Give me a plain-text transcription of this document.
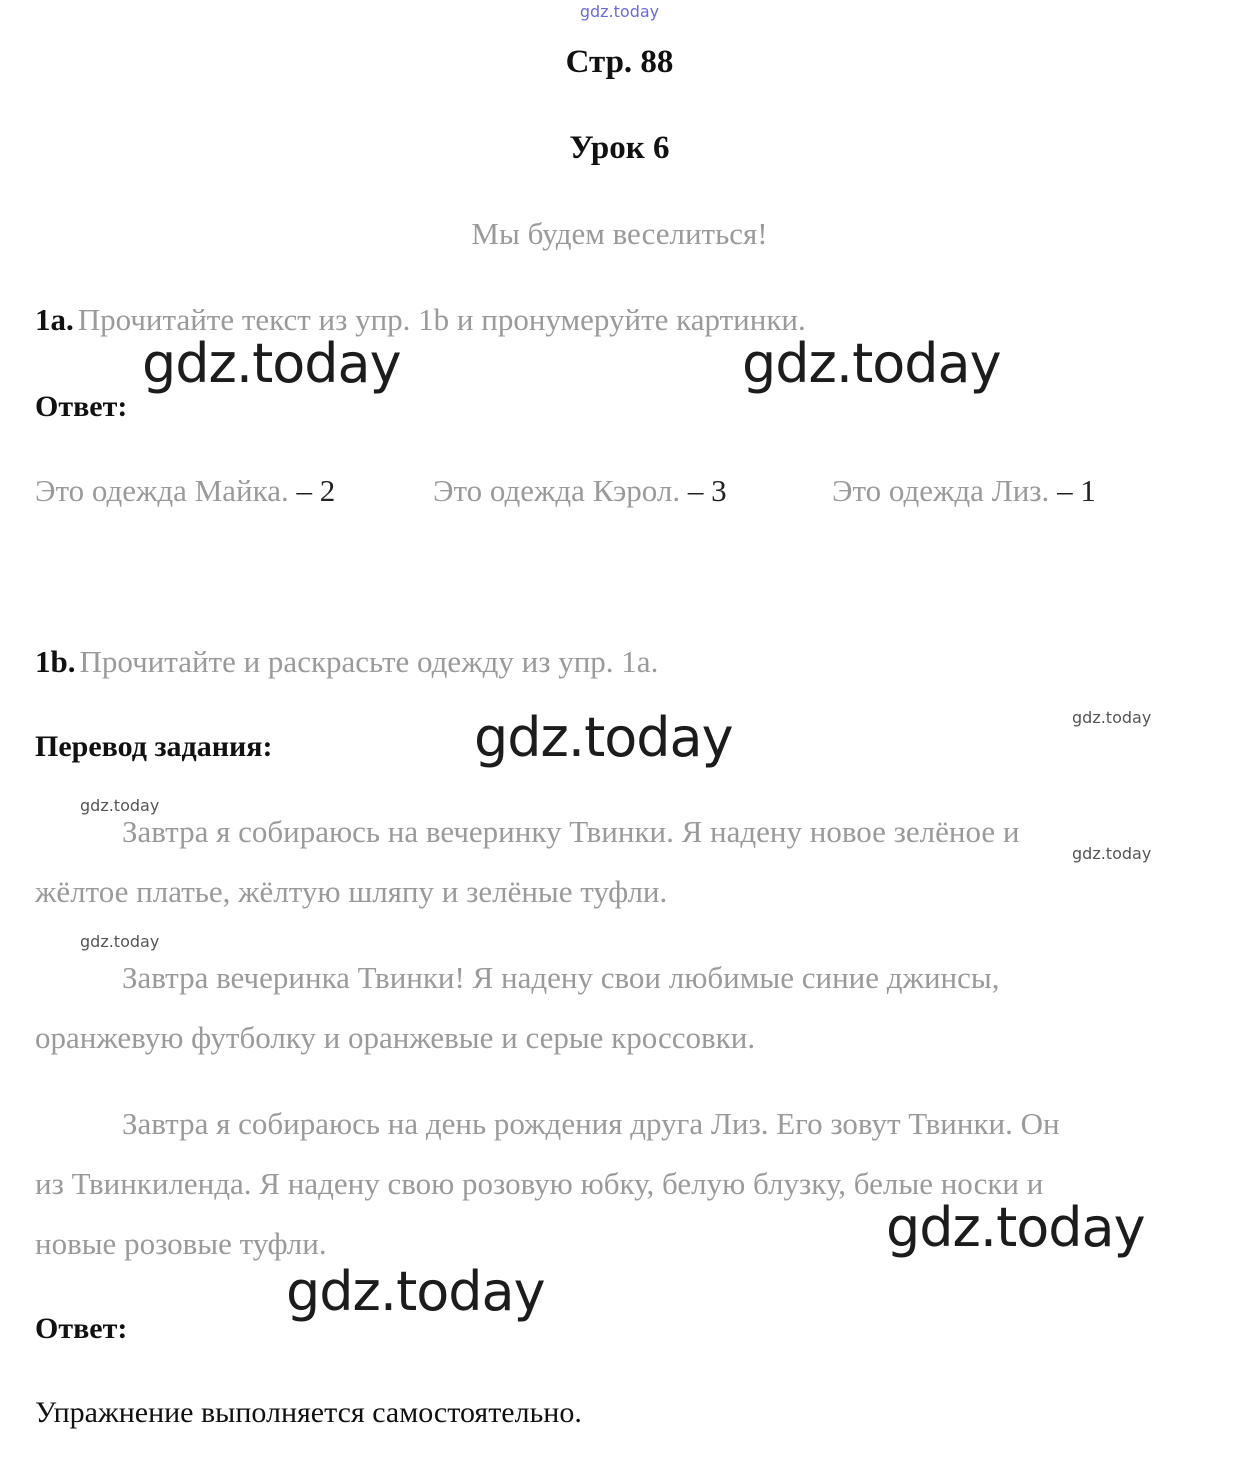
gdz.today
Стр. 88
Урок 6
Мы будем веселиться!
1a. Прочитайте текст из упр. 1b и пронумеруйте картинки.
gdz.today	gdz.today
Ответ:
Это одежда Майка. – 2	Это одежда Кэрол. – 3	Это одежда Лиз. – 1
1b. Прочитайте и раскрасьте одежду из упр. 1a.
gdz.today
gdz.today
Перевод задания:
gdz.today
Завтра я собираюсь на вечеринку Твинки. Я надену новое зелёное и
gdz.today
жёлтое платье, жёлтую шляпу и зелёные туфли.
gdz.today
Завтра вечеринка Твинки! Я надену свои любимые синие джинсы,
оранжевую футболку и оранжевые и серые кроссовки.
Завтра я собираюсь на день рождения друга Лиз. Его зовут Твинки. Он
из Твинкиленда. Я надену свою розовую юбку, белую блузку, белые носки и
gdz.today
новые розовые туфли.
gdz.today
Ответ:
Упражнение выполняется самостоятельно.
